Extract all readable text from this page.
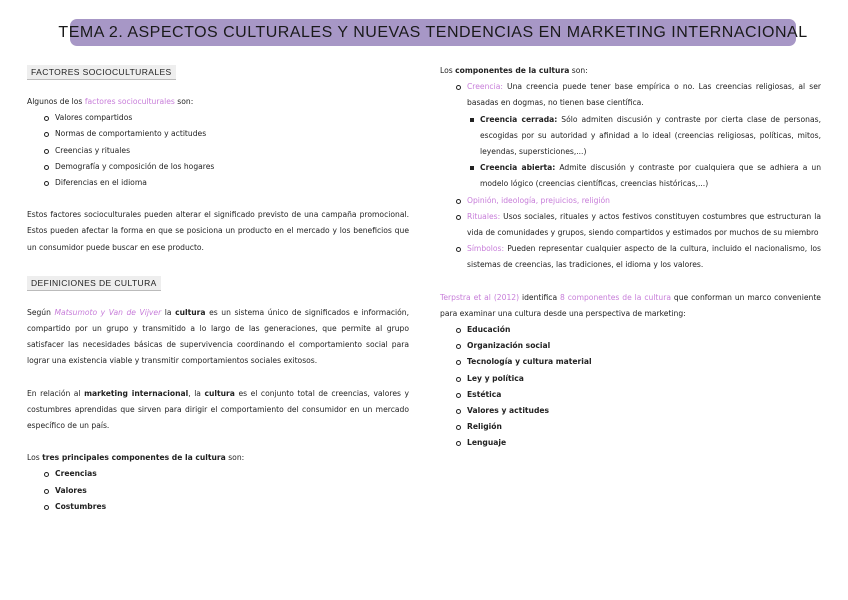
TEMA 2. ASPECTOS CULTURALES Y NUEVAS TENDENCIAS EN MARKETING INTERNACIONAL
FACTORES SOCIOCULTURALES

Algunos de los factores socioculturales son:

Valores compartidos
Normas de comportamiento y actitudes
Creencias y rituales
Demografía y composición de los hogares
Diferencias en el idioma

Estos factores socioculturales pueden alterar el significado previsto de una campaña promocional. Estos pueden afectar la forma en que se posiciona un producto en el mercado y los beneficios que un consumidor puede buscar en ese producto.

DEFINICIONES DE CULTURA

Según Matsumoto y Van de Vijver la cultura es un sistema único de significados e información, compartido por un grupo y transmitido a lo largo de las generaciones, que permite al grupo satisfacer las necesidades básicas de supervivencia coordinando el comportamiento social para lograr una existencia viable y transmitir comportamientos sociales exitosos.

En relación al marketing internacional, la cultura es el conjunto total de creencias, valores y costumbres aprendidas que sirven para dirigir el comportamiento del consumidor en un mercado específico de un país.

Los tres principales componentes de la cultura son:

Creencias
Valores
Costumbres

Los componentes de la cultura son:

Creencia: Una creencia puede tener base empírica o no. Las creencias religiosas, al ser basadas en dogmas, no tienen base científica.
Creencia cerrada: Sólo admiten discusión y contraste por cierta clase de personas, escogidas por su autoridad y afinidad a lo ideal (creencias religiosas, políticas, mitos, leyendas, supersticiones,...)
Creencia abierta: Admite discusión y contraste por cualquiera que se adhiera a un modelo lógico (creencias científicas, creencias históricas,...)
Opinión, ideología, prejuicios, religión
Rituales: Usos sociales, rituales y actos festivos constituyen costumbres que estructuran la vida de comunidades y grupos, siendo compartidos y estimados por muchos de su miembro
Símbolos: Pueden representar cualquier aspecto de la cultura, incluido el nacionalismo, los sistemas de creencias, las tradiciones, el idioma y los valores.

Terpstra et al (2012) identifica 8 componentes de la cultura que conforman un marco conveniente para examinar una cultura desde una perspectiva de marketing:

Educación
Organización social
Tecnología y cultura material
Ley y política
Estética
Valores y actitudes
Religión
Lenguaje
